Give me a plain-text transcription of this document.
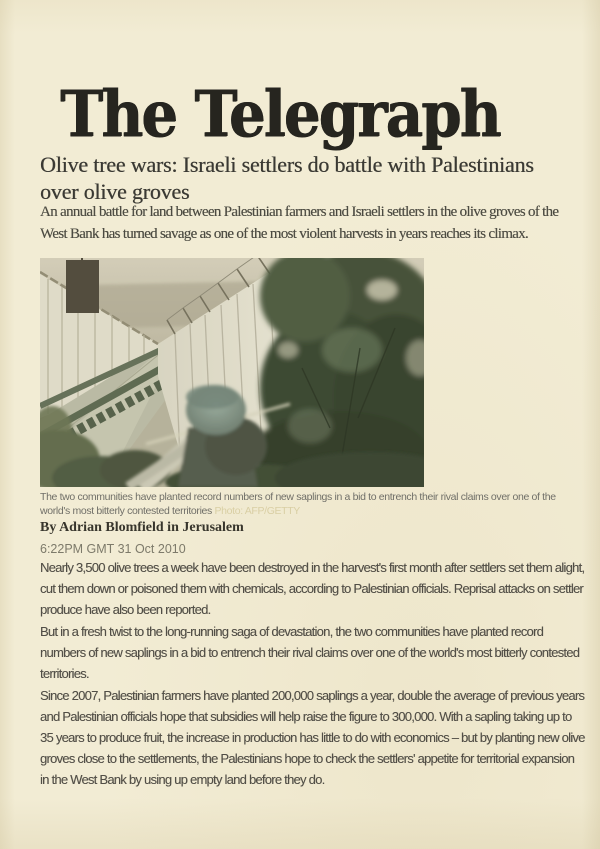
The Telegraph
Olive tree wars: Israeli settlers do battle with Palestinians over olive groves
An annual battle for land between Palestinian farmers and Israeli settlers in the olive groves of the West Bank has turned savage as one of the most violent harvests in years reaches its climax.
The two communities have planted record numbers of new saplings in a bid to entrench their rival claims over one of the world's most bitterly contested territories Photo: AFP/GETTY
By Adrian Blomfield in Jerusalem
6:22PM GMT 31 Oct 2010

Nearly 3,500 olive trees a week have been destroyed in the harvest's first month after settlers set them alight, cut them down or poisoned them with chemicals, according to Palestinian officials. Reprisal attacks on settler produce have also been reported.

But in a fresh twist to the long-running saga of devastation, the two communities have planted record numbers of new saplings in a bid to entrench their rival claims over one of the world's most bitterly contested territories.

Since 2007, Palestinian farmers have planted 200,000 saplings a year, double the average of previous years and Palestinian officials hope that subsidies will help raise the figure to 300,000. With a sapling taking up to 35 years to produce fruit, the increase in production has little to do with economics – but by planting new olive groves close to the settlements, the Palestinians hope to check the settlers' appetite for territorial expansion in the West Bank by using up empty land before they do.
